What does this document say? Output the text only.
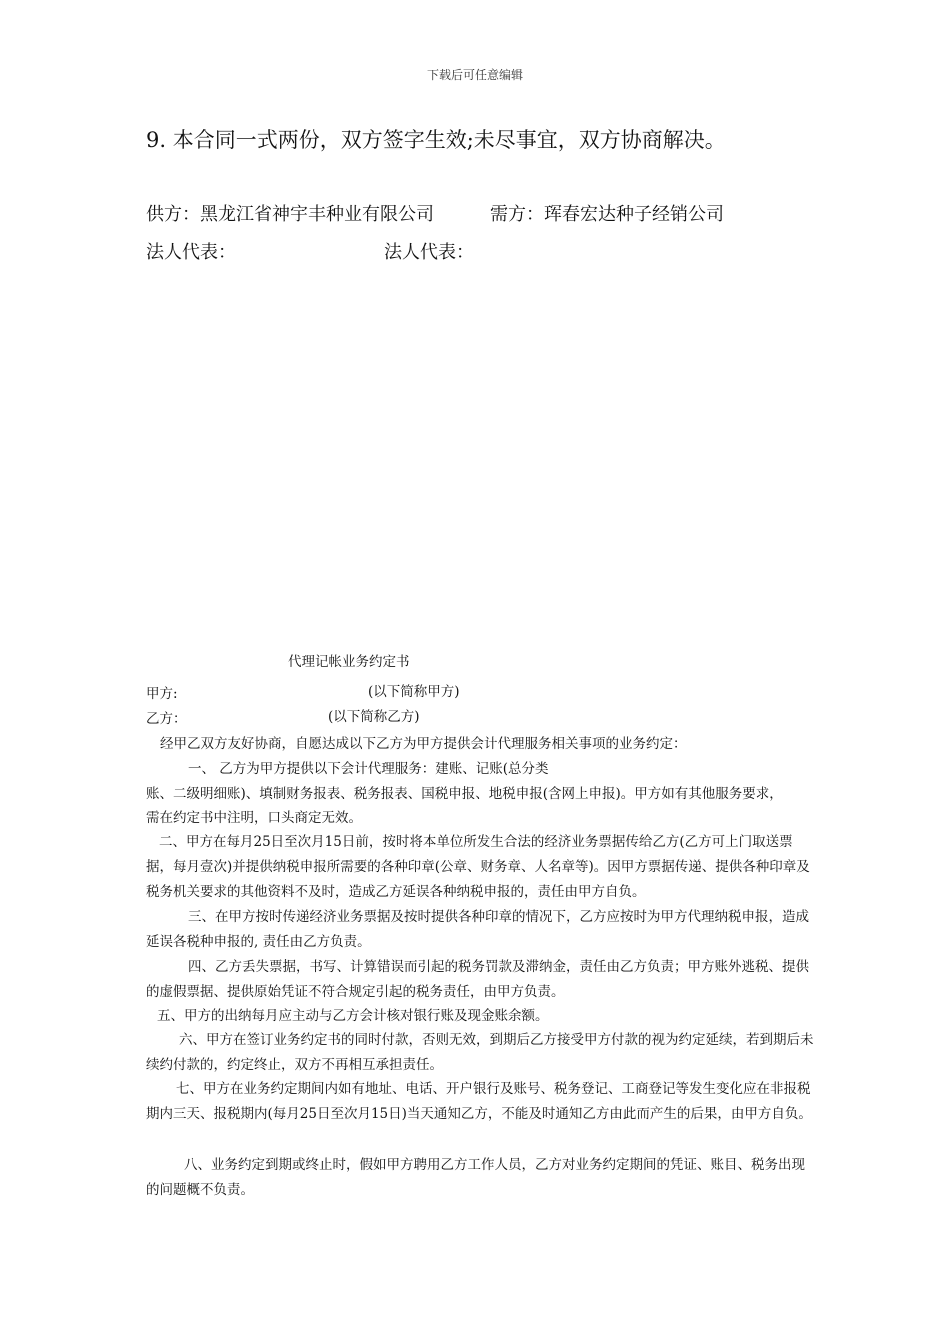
下载后可任意编辑
9. 本合同一式两份，双方签字生效;未尽事宜，双方协商解决。
供方：黑龙江省神宇丰种业有限公司	需方：珲春宏达种子经销公司
法人代表：	法人代表：
代理记帐业务约定书
甲方:	(以下简称甲方)
乙方：	(以下简称乙方)
经甲乙双方友好协商，自愿达成以下乙方为甲方提供会计代理服务相关事项的业务约定：
一、 乙方为甲方提供以下会计代理服务：建账、记账(总分类
账、二级明细账)、填制财务报表、税务报表、国税申报、地税申报(含网上申报)。甲方如有其他服务要求，
需在约定书中注明，口头商定无效。
二、甲方在每月25日至次月15日前，按时将本单位所发生合法的经济业务票据传给乙方(乙方可上门取送票据，每月壹次)并提供纳税申报所需要的各种印章(公章、财务章、人名章等)。因甲方票据传递、提供各种印章及税务机关要求的其他资料不及时，造成乙方延误各种纳税申报的，责任由甲方自负。
三、在甲方按时传递经济业务票据及按时提供各种印章的情况下，乙方应按时为甲方代理纳税申报，造成延误各税种申报的, 责任由乙方负责。
四、乙方丢失票据，书写、计算错误而引起的税务罚款及滞纳金，责任由乙方负责；甲方账外逃税、提供的虚假票据、提供原始凭证不符合规定引起的税务责任，由甲方负责。
五、甲方的出纳每月应主动与乙方会计核对银行账及现金账余额。
六、甲方在签订业务约定书的同时付款，否则无效，到期后乙方接受甲方付款的视为约定延续，若到期后未续约付款的，约定终止，双方不再相互承担责任。
七、甲方在业务约定期间内如有地址、电话、开户银行及账号、税务登记、工商登记等发生变化应在非报税期内三天、报税期内(每月25日至次月15日)当天通知乙方，不能及时通知乙方由此而产生的后果，由甲方自负。
八、业务约定到期或终止时，假如甲方聘用乙方工作人员，乙方对业务约定期间的凭证、账目、税务出现的问题概不负责。
